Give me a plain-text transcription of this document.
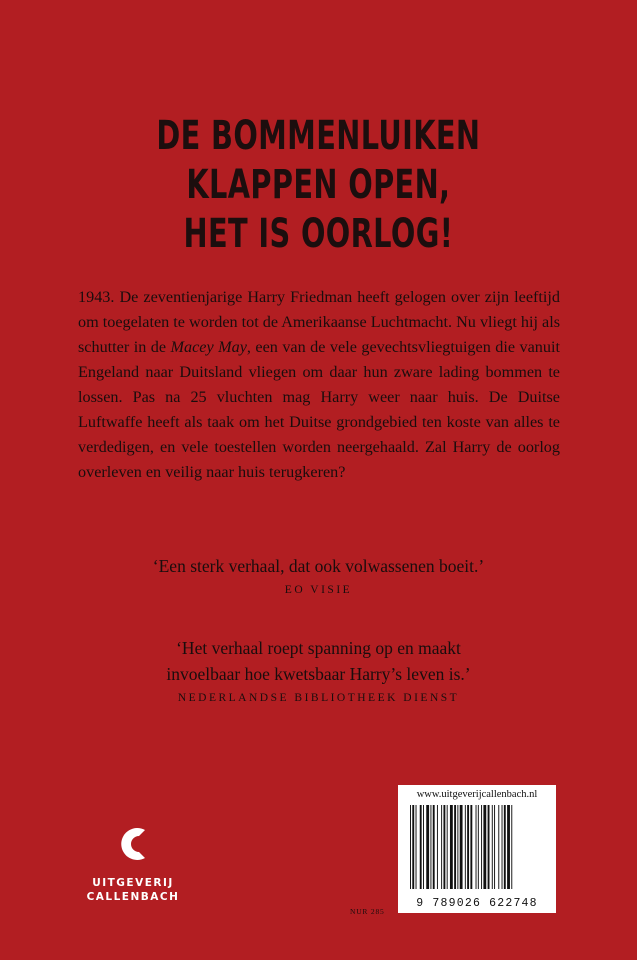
DE BOMMENLUIKEN
KLAPPEN OPEN,
HET IS OORLOG!
1943. De zeventienjarige Harry Friedman heeft gelogen over zijn leeftijd om toegelaten te worden tot de Amerikaanse Luchtmacht. Nu vliegt hij als schutter in de Macey May, een van de vele gevechtsvliegtuigen die vanuit Engeland naar Duitsland vliegen om daar hun zware lading bommen te lossen. Pas na 25 vluchten mag Harry weer naar huis. De Duitse Luftwaffe heeft als taak om het Duitse grondgebied ten koste van alles te verdedigen, en vele toestellen worden neergehaald. Zal Harry de oorlog overleven en veilig naar huis terugkeren?
‘Een sterk verhaal, dat ook volwassenen boeit.’
EO VISIE
‘Het verhaal roept spanning op en maakt
invoelbaar hoe kwetsbaar Harry’s leven is.’
NEDERLANDSE BIBLIOTHEEK DIENST
UITGEVERIJ
CALLENBACH
NUR 285
www.uitgeverijcallenbach.nl
9 789026 622748
